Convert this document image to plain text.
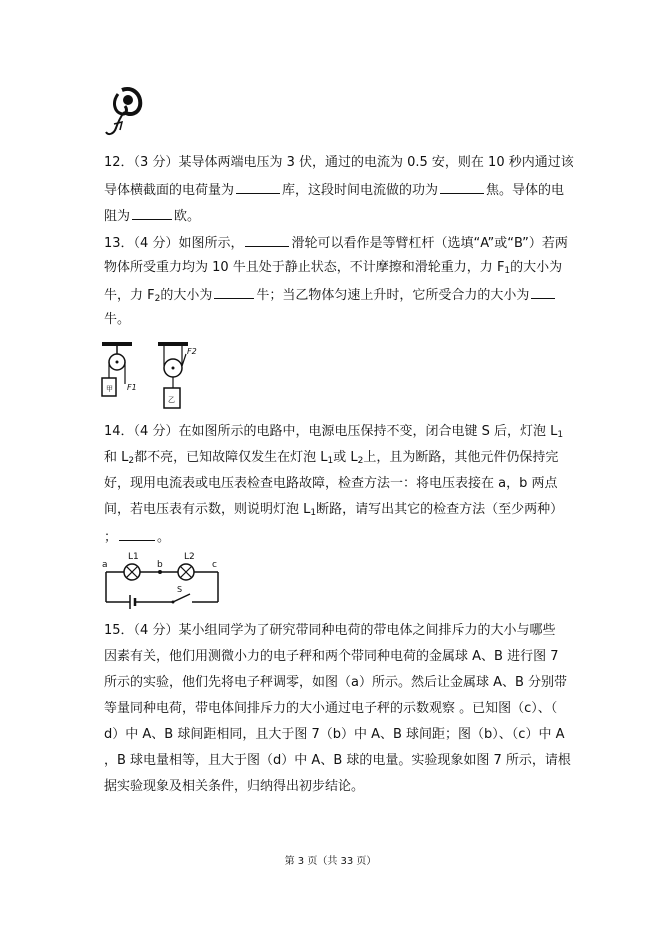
12．（3 分）某导体两端电压为 3 伏，通过的电流为 0.5 安，则在 10 秒内通过该
导体横截面的电荷量为	库，这段时间电流做的功为	焦。导体的电
阻为	欧。
13．（4 分）如图所示，	滑轮可以看作是等臂杠杆（选填“A”或“B”）若两
物体所受重力均为 10 牛且处于静止状态，不计摩擦和滑轮重力，力 $F_1$的大小为
牛，力 $F_2$的大小为	牛；当乙物体匀速上升时，它所受合力的大小为
牛。
甲 F1
F2
乙
14．（4 分）在如图所示的电路中，电源电压保持不变，闭合电键 S 后，灯泡 $L_1$
和 $L_2$都不亮，已知故障仅发生在灯泡 $L_1$或 $L_2$上，且为断路，其他元件仍保持完
好，现用电流表或电压表检查电路故障，检查方法一：将电压表接在 a，b 两点
间，若电压表有示数，则说明灯泡 $L_1$断路，请写出其它的检查方法（至少两种）
；	。
a	b	c
L1	L2
S
15．（4 分）某小组同学为了研究带同种电荷的带电体之间排斥力的大小与哪些
因素有关，他们用测微小力的电子秤和两个带同种电荷的金属球 A、B 进行图 7
所示的实验，他们先将电子秤调零，如图（a）所示。然后让金属球 A、B 分别带
等量同种电荷，带电体间排斥力的大小通过电子秤的示数观察 。已知图（c）、（
d）中 A、B 球间距相同，且大于图 7（b）中 A、B 球间距；图（b）、（c）中 A
，B 球电量相等，且大于图（d）中 A、B 球的电量。实验现象如图 7 所示，请根
据实验现象及相关条件，归纳得出初步结论。
第 3 页（共 33 页）
